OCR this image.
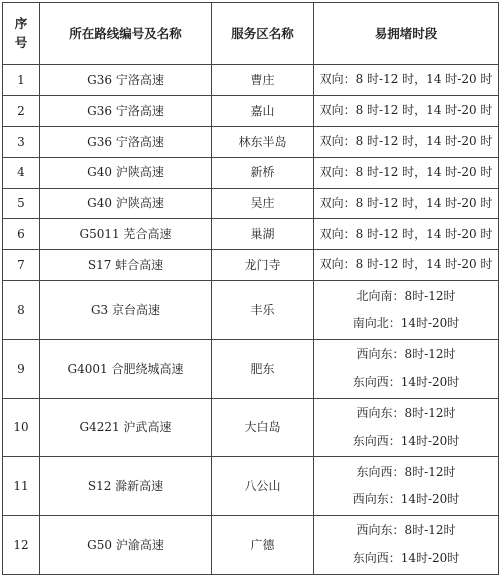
序
号	所在路线编号及名称	服务区名称	易拥堵时段
1	G36 宁洛高速	曹庄	双向：8 时-12 时，14 时-20 时

2	G36 宁洛高速	嘉山	双向：8 时-12 时，14 时-20 时

3	G36 宁洛高速	林东半岛	双向：8 时-12 时，14 时-20 时

4	G40 沪陕高速	新桥	双向：8 时-12 时，14 时-20 时

5	G40 沪陕高速	吴庄	双向：8 时-12 时，14 时-20 时

6	G5011 芜合高速	巢湖	双向：8 时-12 时，14 时-20 时

7	S17 蚌合高速	龙门寺	双向：8 时-12 时，14 时-20 时

8	G3 京台高速	丰乐	北向南：8时-12时
南向北：14时-20时

9	G4001 合肥绕城高速	肥东	西向东：8时-12时
东向西：14时-20时

10	G4221 沪武高速	大白岛	西向东：8时-12时
东向西：14时-20时

11	S12 滁新高速	八公山	东向西：8时-12时
西向东：14时-20时

12	G50 沪渝高速	广德	西向东：8时-12时
东向西：14时-20时
